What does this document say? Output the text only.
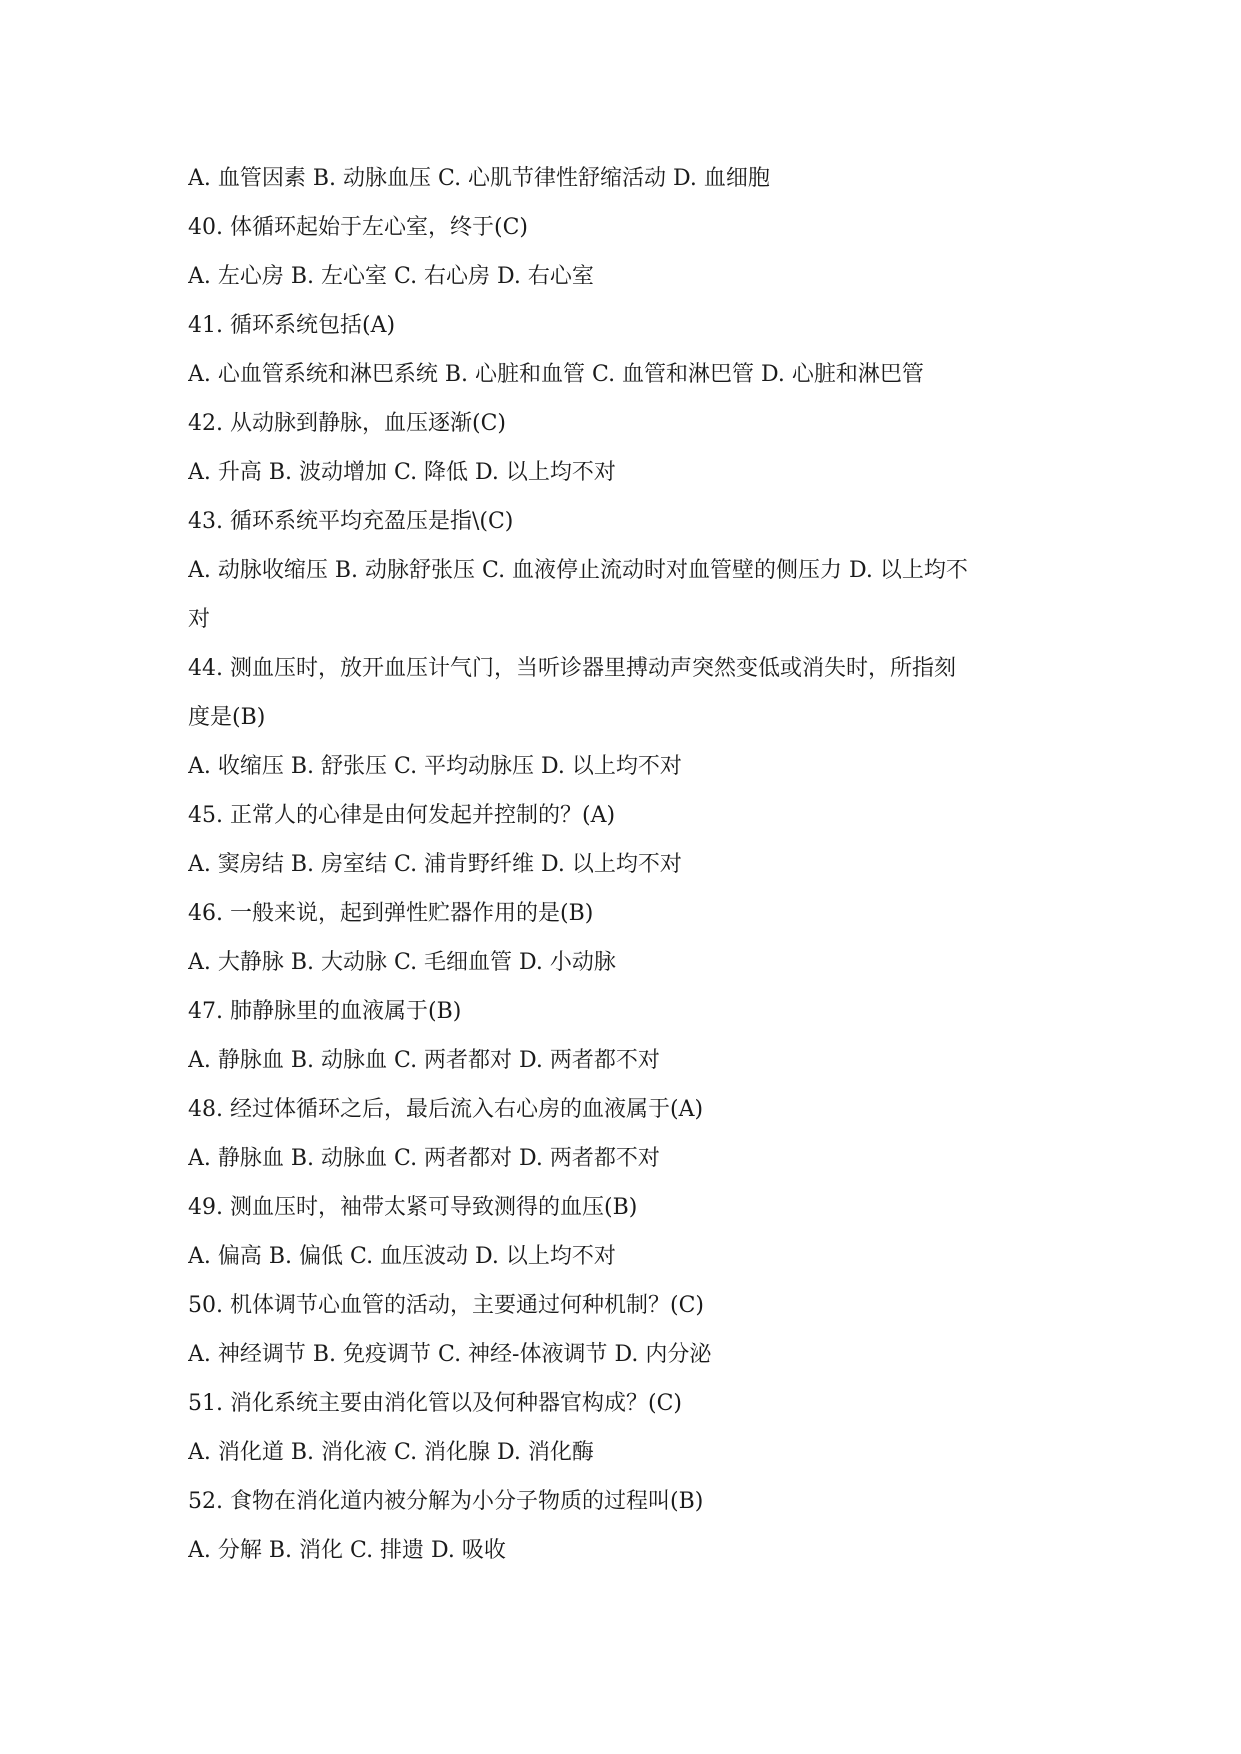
A. 血管因素 B. 动脉血压 C. 心肌节律性舒缩活动 D. 血细胞
40. 体循环起始于左心室，终于(C)
A. 左心房 B. 左心室 C. 右心房 D. 右心室
41. 循环系统包括(A)
A. 心血管系统和淋巴系统 B. 心脏和血管 C. 血管和淋巴管 D. 心脏和淋巴管
42. 从动脉到静脉，血压逐渐(C)
A. 升高 B. 波动增加 C. 降低 D. 以上均不对
43. 循环系统平均充盈压是指\(C)
A. 动脉收缩压 B. 动脉舒张压 C. 血液停止流动时对血管壁的侧压力 D. 以上均不
对
44. 测血压时，放开血压计气门，当听诊器里搏动声突然变低或消失时，所指刻
度是(B)
A. 收缩压 B. 舒张压 C. 平均动脉压 D. 以上均不对
45. 正常人的心律是由何发起并控制的？(A)
A. 窦房结 B. 房室结 C. 浦肯野纤维 D. 以上均不对
46. 一般来说，起到弹性贮器作用的是(B)
A. 大静脉 B. 大动脉 C. 毛细血管 D. 小动脉
47. 肺静脉里的血液属于(B)
A. 静脉血 B. 动脉血 C. 两者都对 D. 两者都不对
48. 经过体循环之后，最后流入右心房的血液属于(A)
A. 静脉血 B. 动脉血 C. 两者都对 D. 两者都不对
49. 测血压时，袖带太紧可导致测得的血压(B)
A. 偏高 B. 偏低 C. 血压波动 D. 以上均不对
50. 机体调节心血管的活动，主要通过何种机制？(C)
A. 神经调节 B. 免疫调节 C. 神经-体液调节 D. 内分泌
51. 消化系统主要由消化管以及何种器官构成？(C)
A. 消化道 B. 消化液 C. 消化腺 D. 消化酶
52. 食物在消化道内被分解为小分子物质的过程叫(B)
A. 分解 B. 消化 C. 排遗 D. 吸收
